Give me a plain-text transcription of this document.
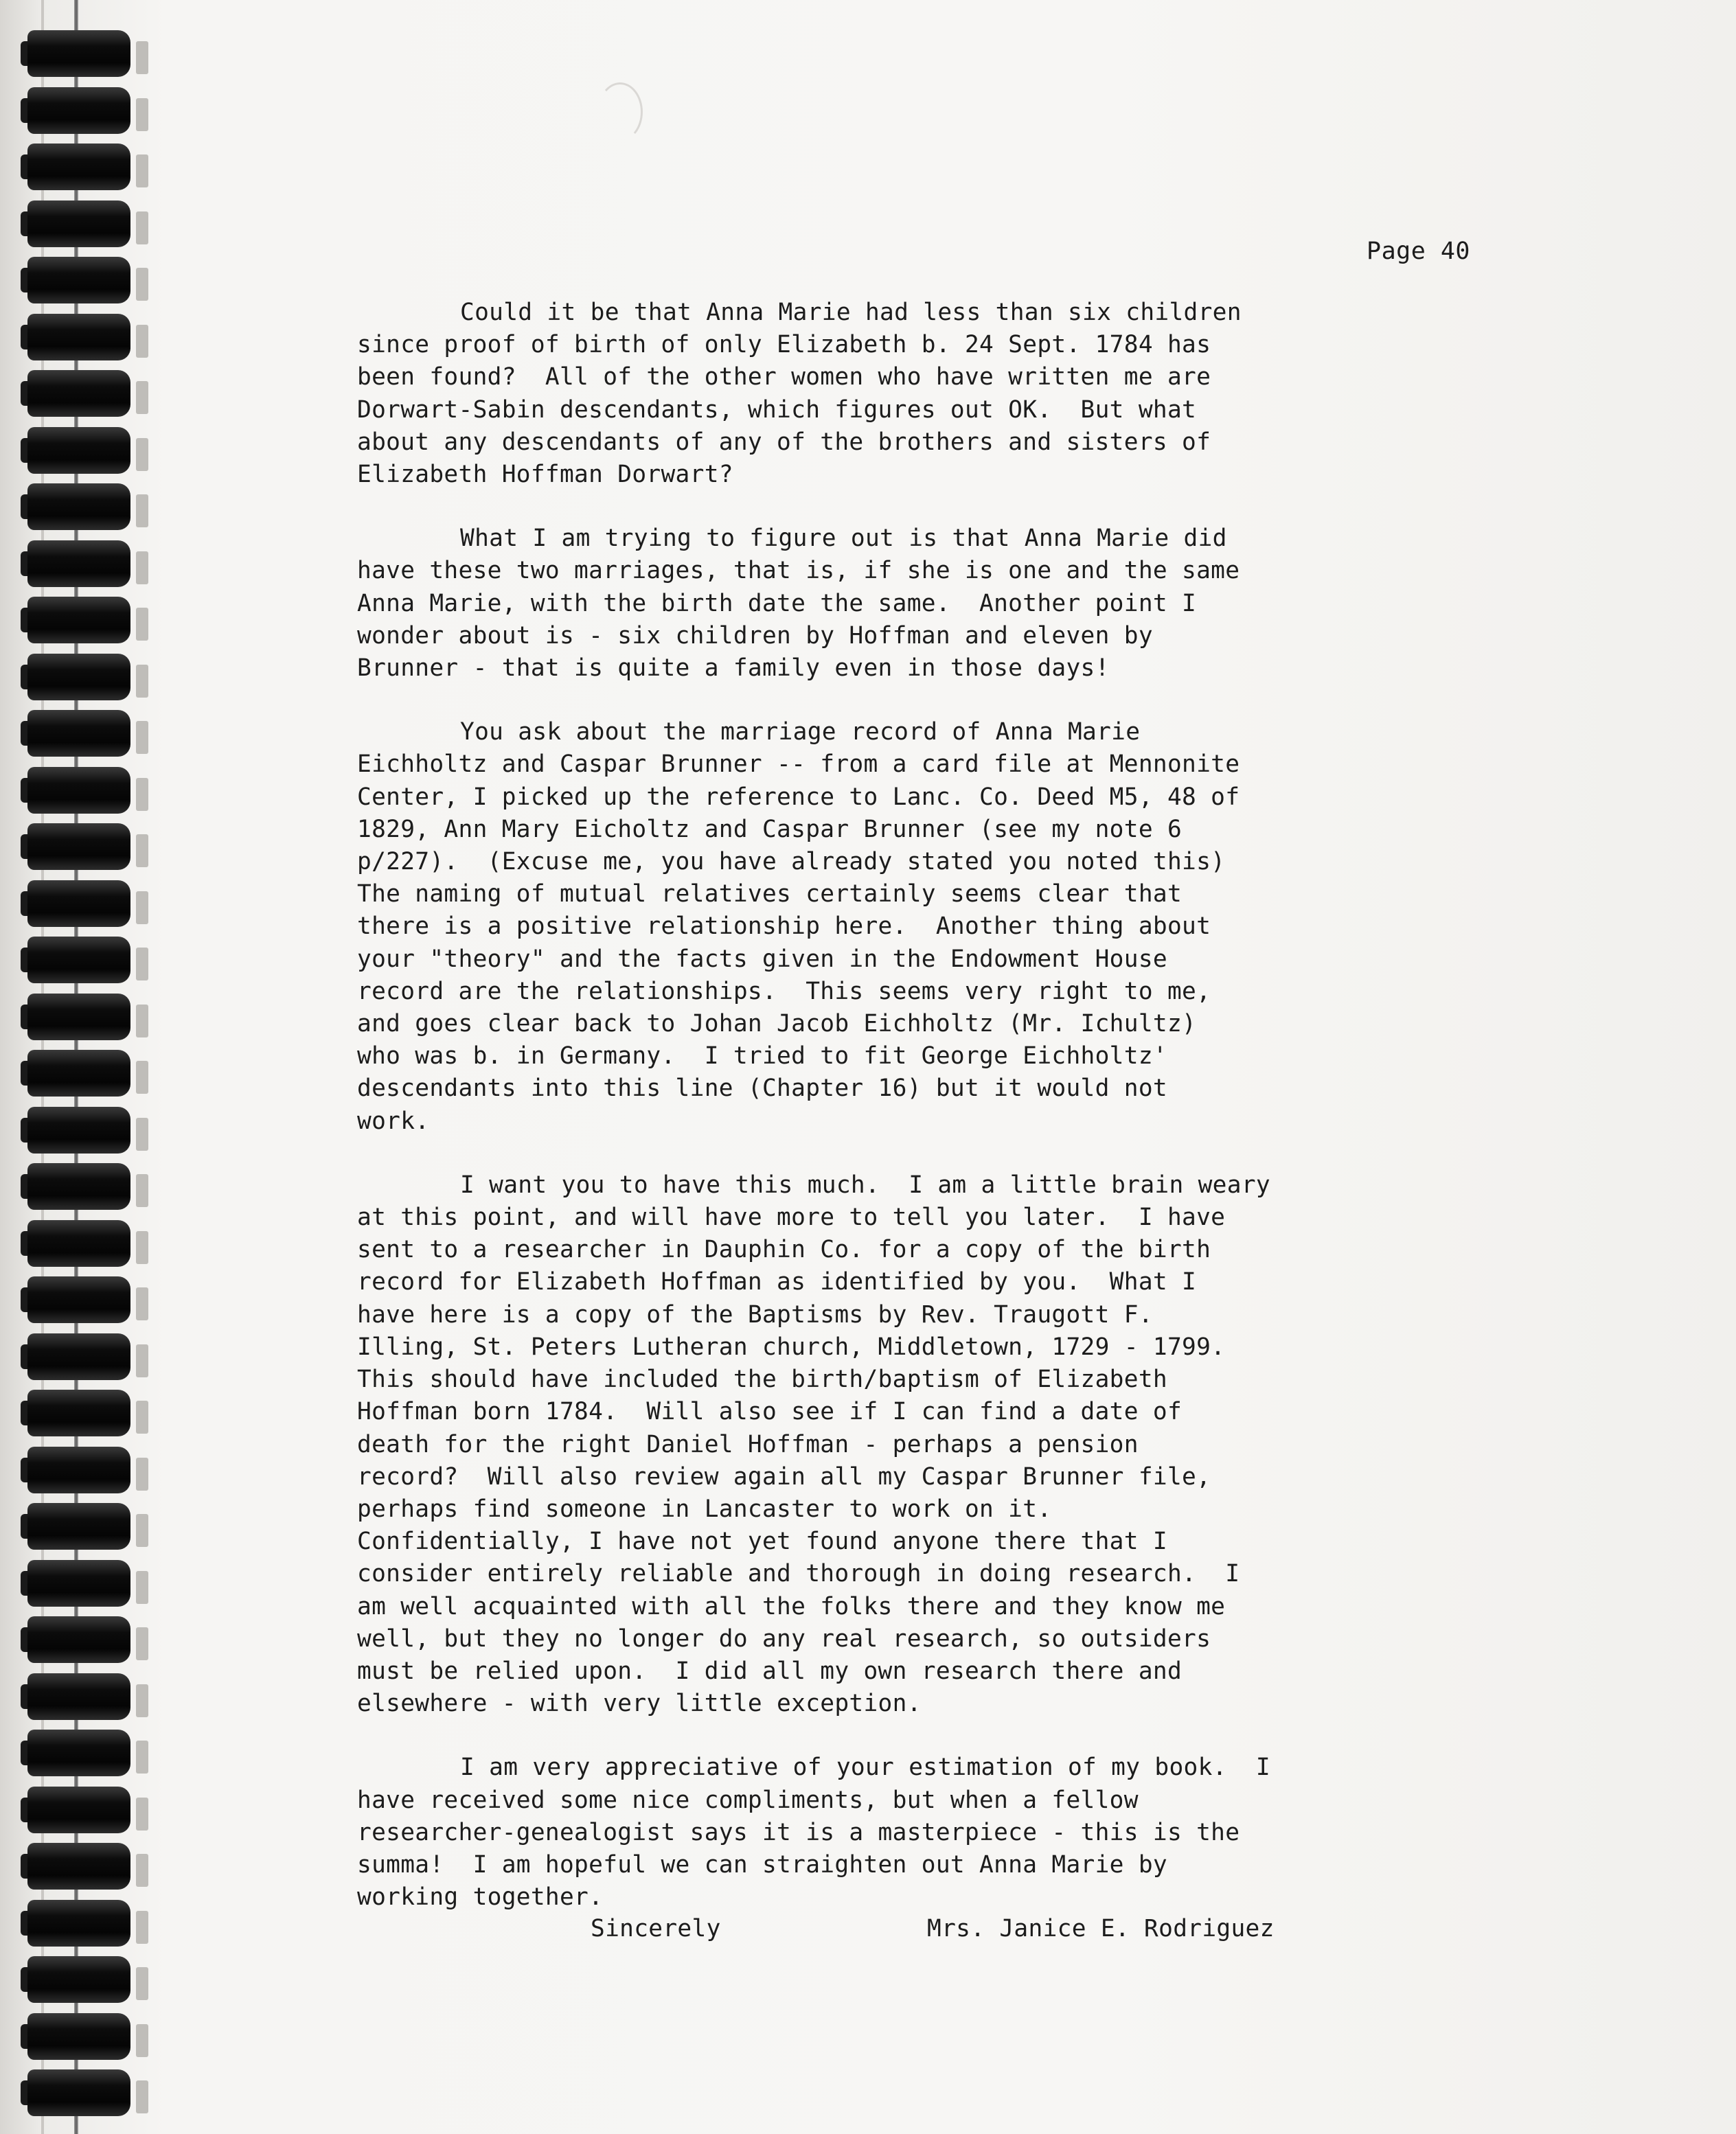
Page 40
Could it be that Anna Marie had less than six children
since proof of birth of only Elizabeth b. 24 Sept. 1784 has
been found?  All of the other women who have written me are
Dorwart-Sabin descendants, which figures out OK.  But what
about any descendants of any of the brothers and sisters of
Elizabeth Hoffman Dorwart?
What I am trying to figure out is that Anna Marie did
have these two marriages, that is, if she is one and the same
Anna Marie, with the birth date the same.  Another point I
wonder about is - six children by Hoffman and eleven by
Brunner - that is quite a family even in those days!
You ask about the marriage record of Anna Marie
Eichholtz and Caspar Brunner -- from a card file at Mennonite
Center, I picked up the reference to Lanc. Co. Deed M5, 48 of
1829, Ann Mary Eicholtz and Caspar Brunner (see my note 6
p/227).  (Excuse me, you have already stated you noted this)
The naming of mutual relatives certainly seems clear that
there is a positive relationship here.  Another thing about
your "theory" and the facts given in the Endowment House
record are the relationships.  This seems very right to me,
and goes clear back to Johan Jacob Eichholtz (Mr. Ichultz)
who was b. in Germany.  I tried to fit George Eichholtz'
descendants into this line (Chapter 16) but it would not
work.
I want you to have this much.  I am a little brain weary
at this point, and will have more to tell you later.  I have
sent to a researcher in Dauphin Co. for a copy of the birth
record for Elizabeth Hoffman as identified by you.  What I
have here is a copy of the Baptisms by Rev. Traugott F.
Illing, St. Peters Lutheran church, Middletown, 1729 - 1799.
This should have included the birth/baptism of Elizabeth
Hoffman born 1784.  Will also see if I can find a date of
death for the right Daniel Hoffman - perhaps a pension
record?  Will also review again all my Caspar Brunner file,
perhaps find someone in Lancaster to work on it.
Confidentially, I have not yet found anyone there that I
consider entirely reliable and thorough in doing research.  I
am well acquainted with all the folks there and they know me
well, but they no longer do any real research, so outsiders
must be relied upon.  I did all my own research there and
elsewhere - with very little exception.
I am very appreciative of your estimation of my book.  I
have received some nice compliments, but when a fellow
researcher-genealogist says it is a masterpiece - this is the
summa!  I am hopeful we can straighten out Anna Marie by
working together.
Sincerely	Mrs. Janice E. Rodriguez
